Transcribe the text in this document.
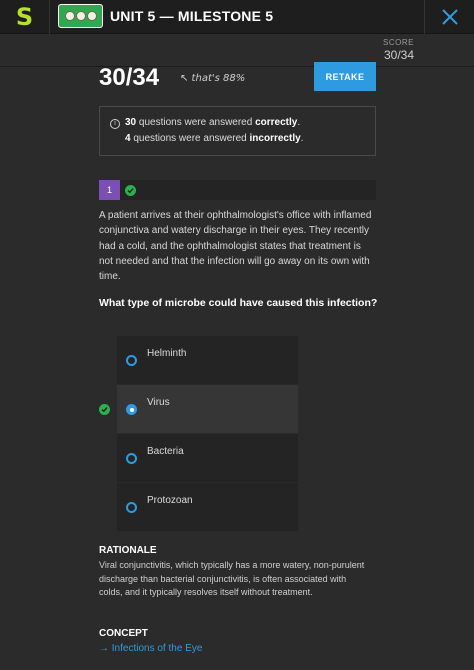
S	UNIT 5 — MILESTONE 5
SCORE
30/34
30/34 ↖ that's 88%	RETAKE
i 30 questions were answered correctly.
4 questions were answered incorrectly.
1
A patient arrives at their ophthalmologist's office with inflamed conjunctiva and watery discharge in their eyes. They recently had a cold, and the ophthalmologist states that treatment is not needed and that the infection will go away on its own with time.
What type of microbe could have caused this infection?
Helminth
Virus
Bacteria
Protozoan
RATIONALE
Viral conjunctivitis, which typically has a more watery, non-purulent discharge than bacterial conjunctivitis, is often associated with colds, and it typically resolves itself without treatment.
CONCEPT
→ Infections of the Eye
